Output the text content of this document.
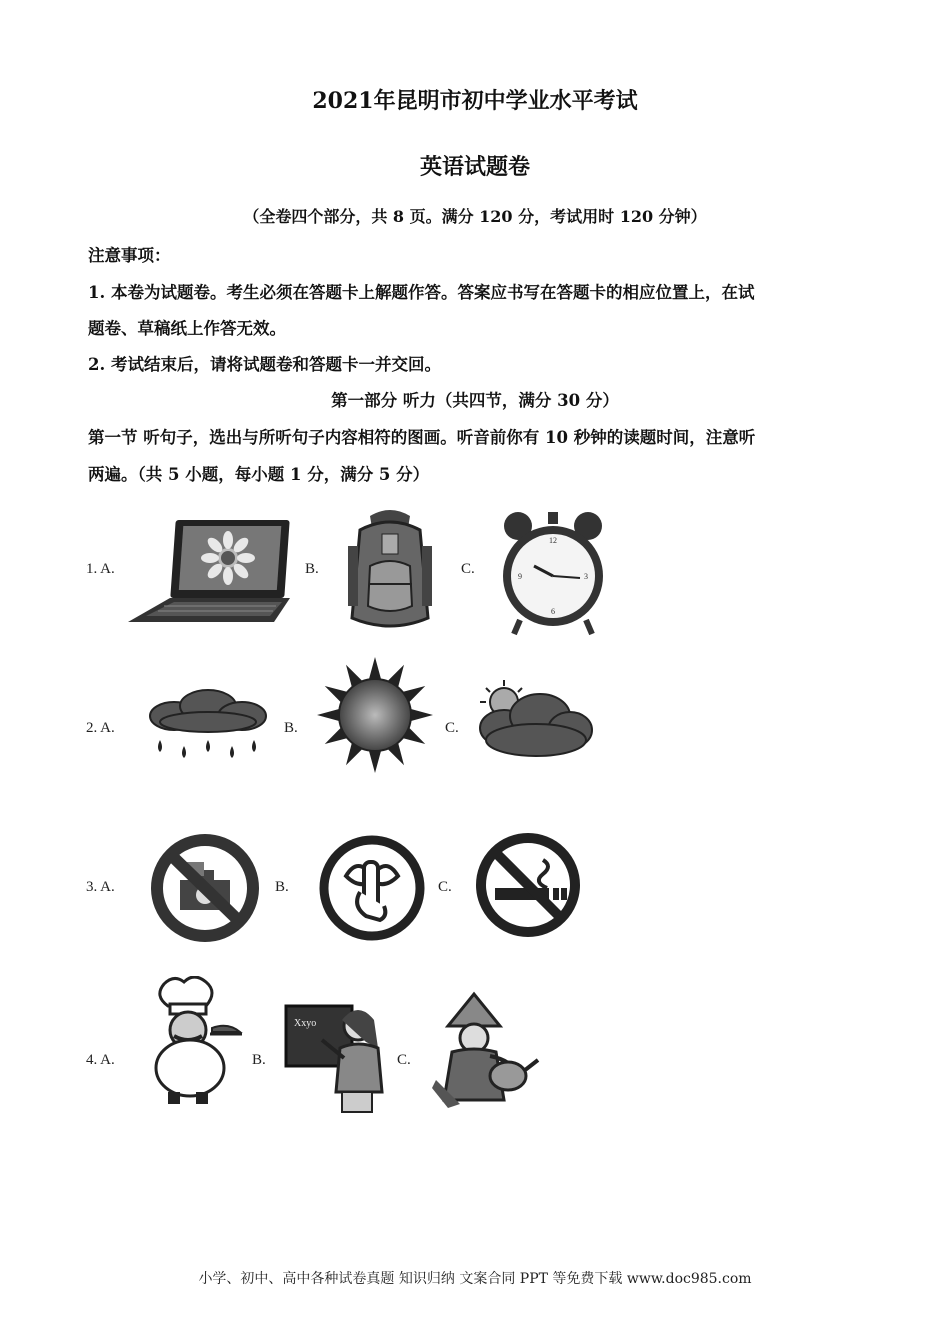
2021年昆明市初中学业水平考试
英语试题卷
（全卷四个部分，共 8 页。满分 120 分，考试用时 120 分钟）
注意事项：
1. 本卷为试题卷。考生必须在答题卡上解题作答。答案应书写在答题卡的相应位置上，在试
题卷、草稿纸上作答无效。
2. 考试结束后，请将试题卷和答题卡一并交回。
第一部分 听力（共四节，满分 30 分）
第一节 听句子，选出与所听句子内容相符的图画。听音前你有 10 秒钟的读题时间，注意听
两遍。（共 5 小题，每小题 1 分，满分 5 分）
1. A.	B.	C.
12
3
6
9
2. A.	B.	C.
3. A.	B.	C.
4. A.	B.	C.
Xxyo
小学、初中、高中各种试卷真题 知识归纳 文案合同 PPT 等免费下载 www.doc985.com
